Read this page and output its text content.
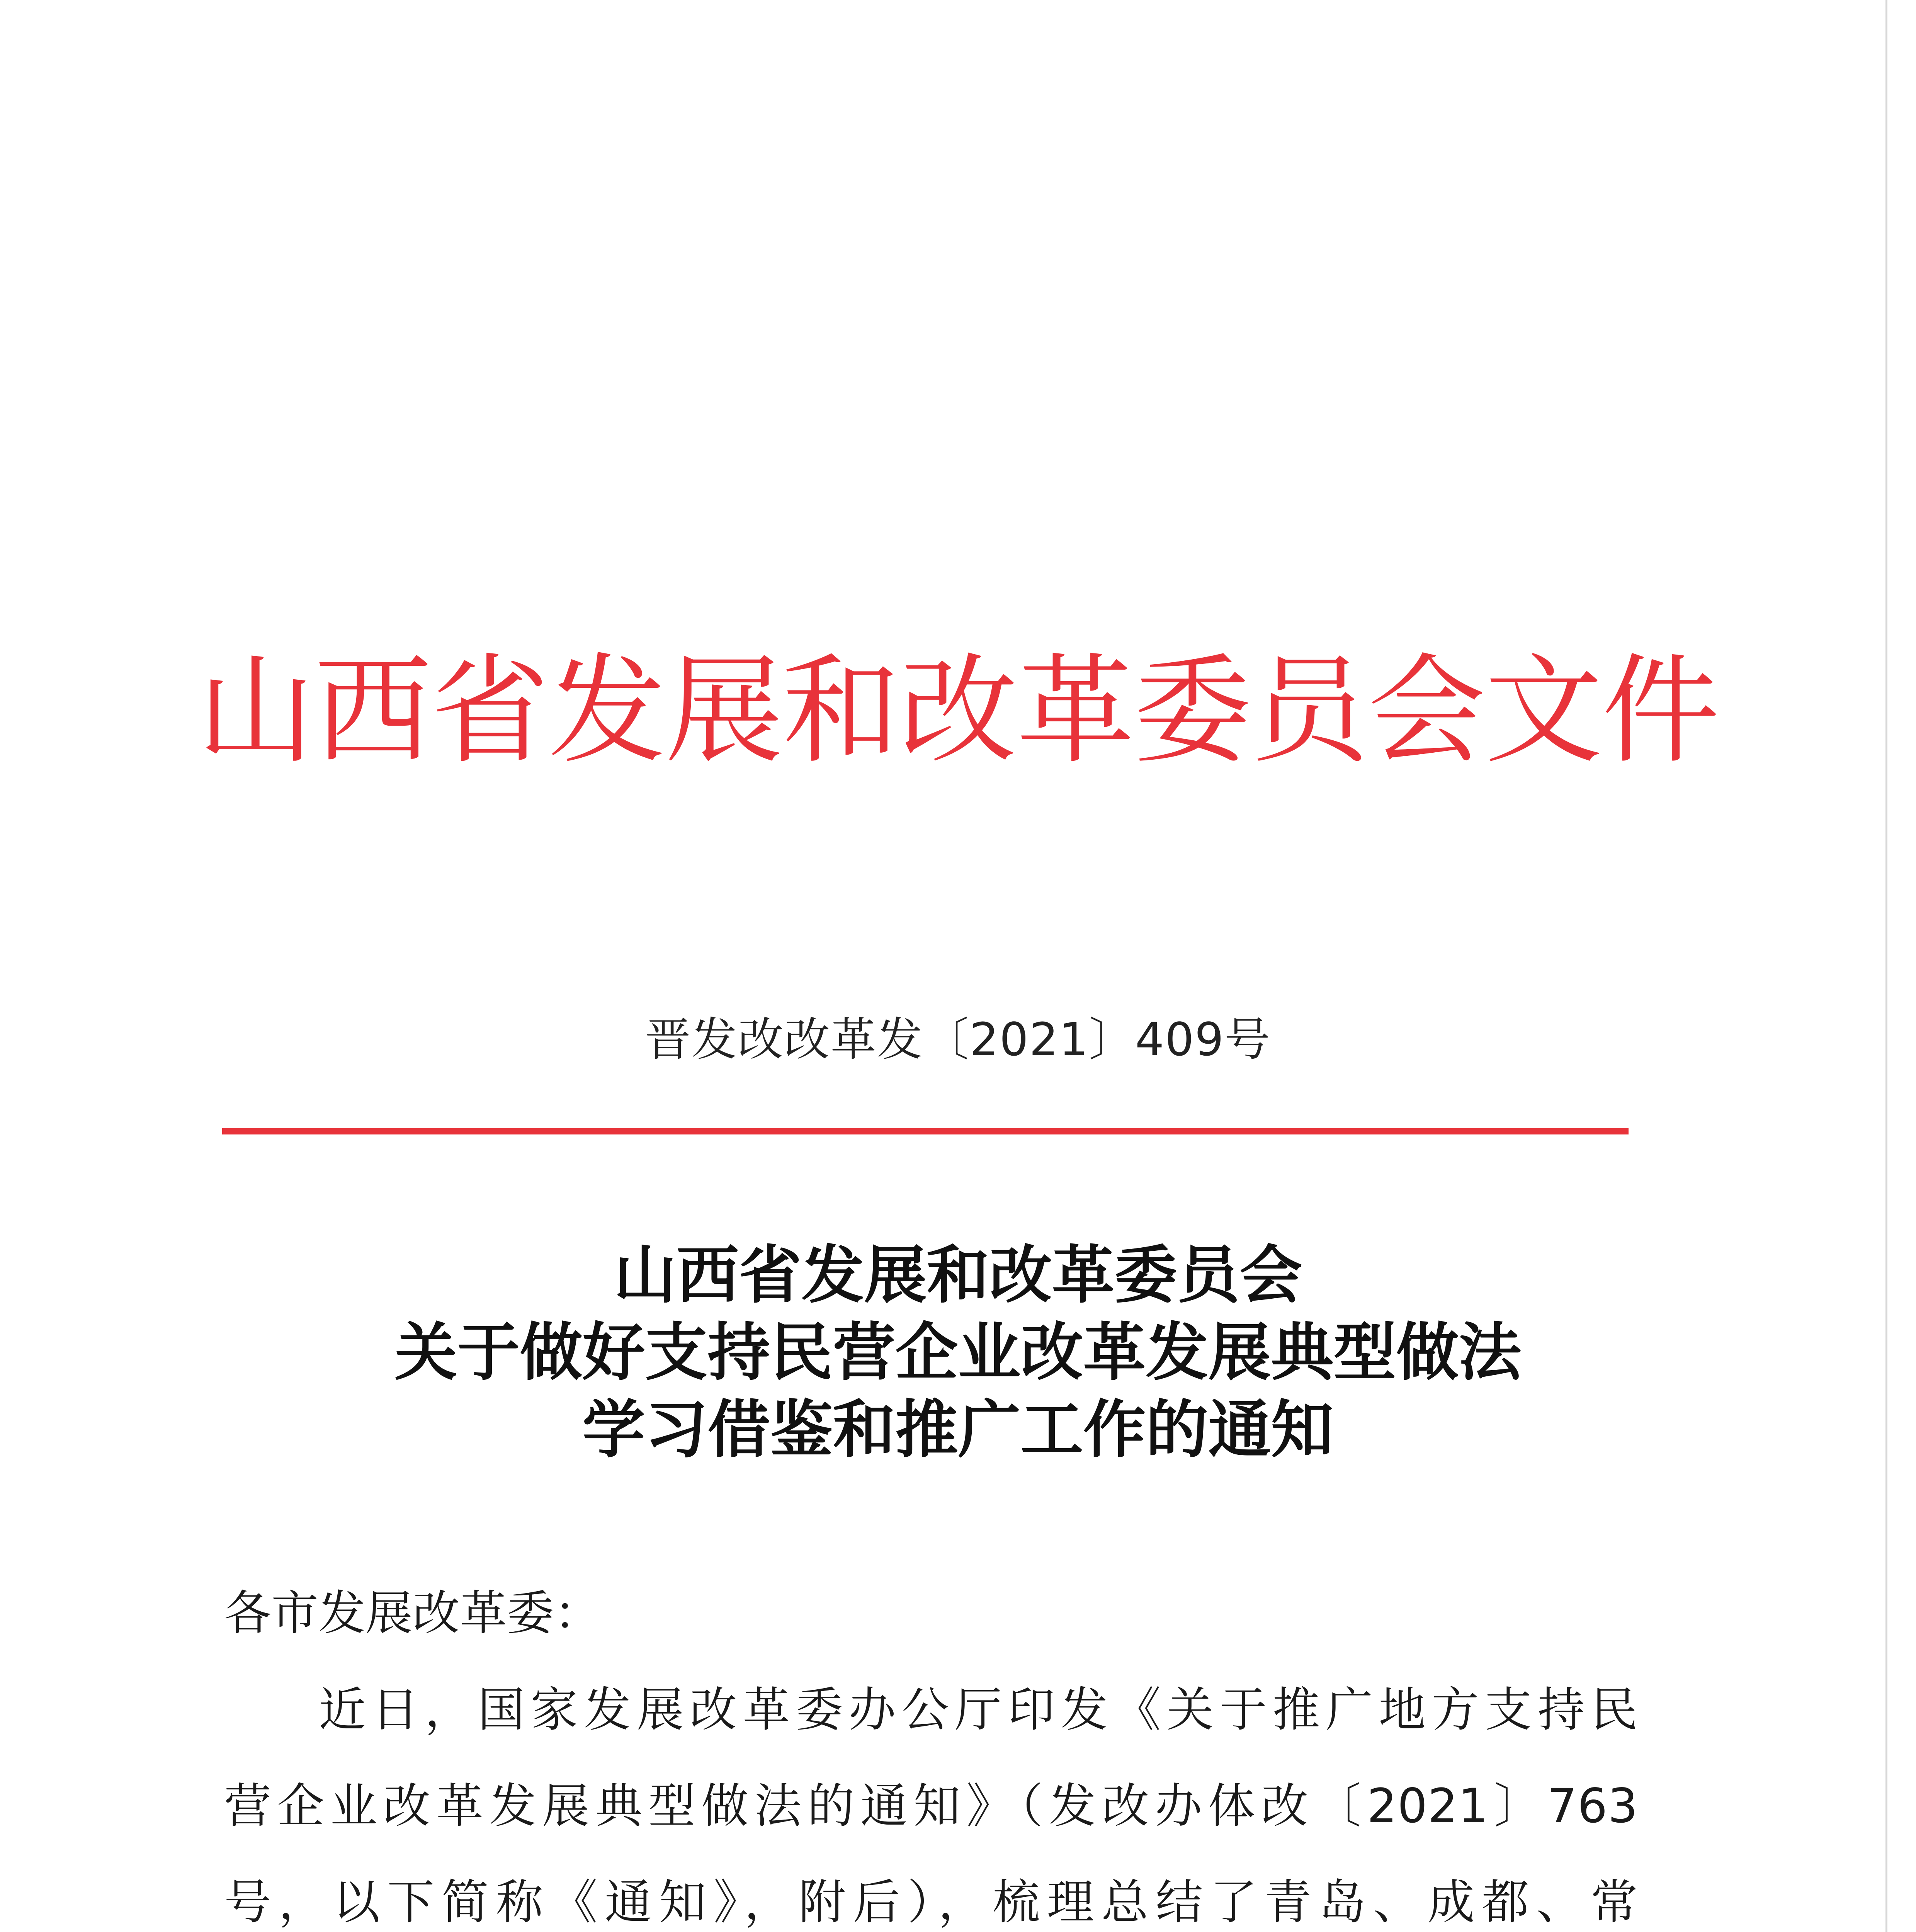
山西省发展和改革委员会文件
晋发改改革发〔2021〕409号
山西省发展和改革委员会
关于做好支持民营企业改革发展典型做法
学习借鉴和推广工作的通知
各市发展改革委：
近日，国家发展改革委办公厅印发《关于推广地方支持民
营企业改革发展典型做法的通知》（发改办体改〔2021〕763
号，以下简称《通知》，附后），梳理总结了青岛、成都、常
